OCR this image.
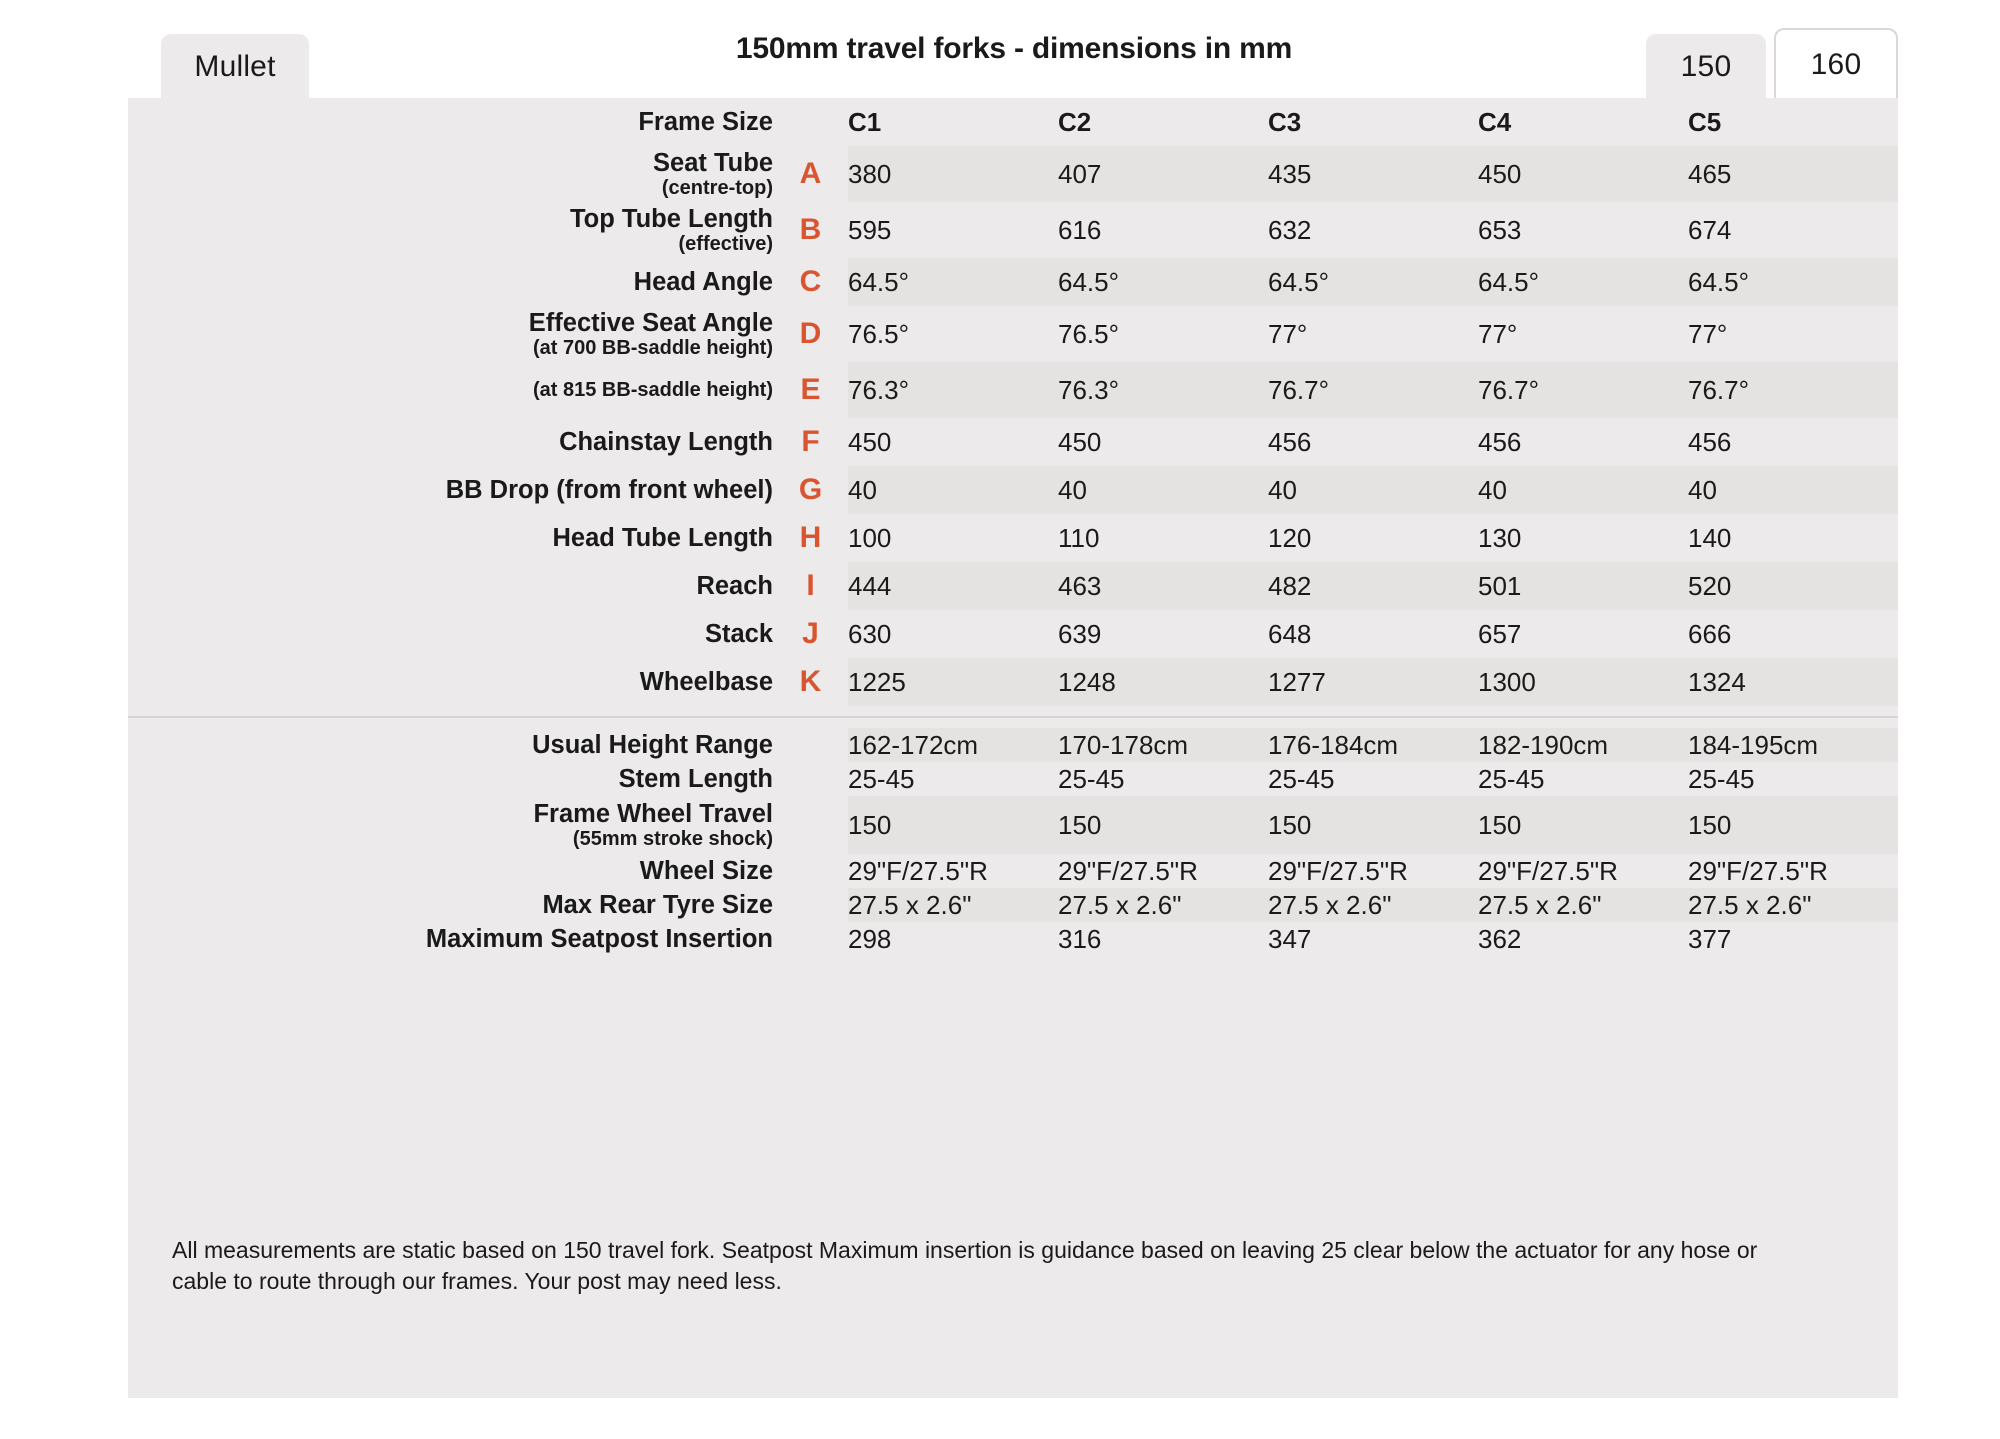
Mullet	150	160
150mm travel forks - dimensions in mm
Frame Size		C1	C2	C3	C4	C5
Seat Tube
(centre-top)	A	380	407	435	450	465
Top Tube Length
(effective)	B	595	616	632	653	674
Head Angle	C	64.5°	64.5°	64.5°	64.5°	64.5°
Effective Seat Angle
(at 700 BB-saddle height)	D	76.5°	76.5°	77°	77°	77°

(at 815 BB-saddle height)	E	76.3°	76.3°	76.7°	76.7°	76.7°
Chainstay Length	F	450	450	456	456	456
BB Drop (from front wheel)	G	40	40	40	40	40
Head Tube Length	H	100	110	120	130	140
Reach	I	444	463	482	501	520
Stack	J	630	639	648	657	666
Wheelbase	K	1225	1248	1277	1300	1324

Usual Height Range		162-172cm	170-178cm	176-184cm	182-190cm	184-195cm
Stem Length		25-45	25-45	25-45	25-45	25-45
Frame Wheel Travel
(55mm stroke shock)		150	150	150	150	150
Wheel Size		29"F/27.5"R	29"F/27.5"R	29"F/27.5"R	29"F/27.5"R	29"F/27.5"R
Max Rear Tyre Size		27.5 x 2.6"	27.5 x 2.6"	27.5 x 2.6"	27.5 x 2.6"	27.5 x 2.6"
Maximum Seatpost Insertion		298	316	347	362	377

All measurements are static based on 150 travel fork. Seatpost Maximum insertion is guidance based on leaving 25 clear below the actuator for any hose or cable to route through our frames. Your post may need less.
